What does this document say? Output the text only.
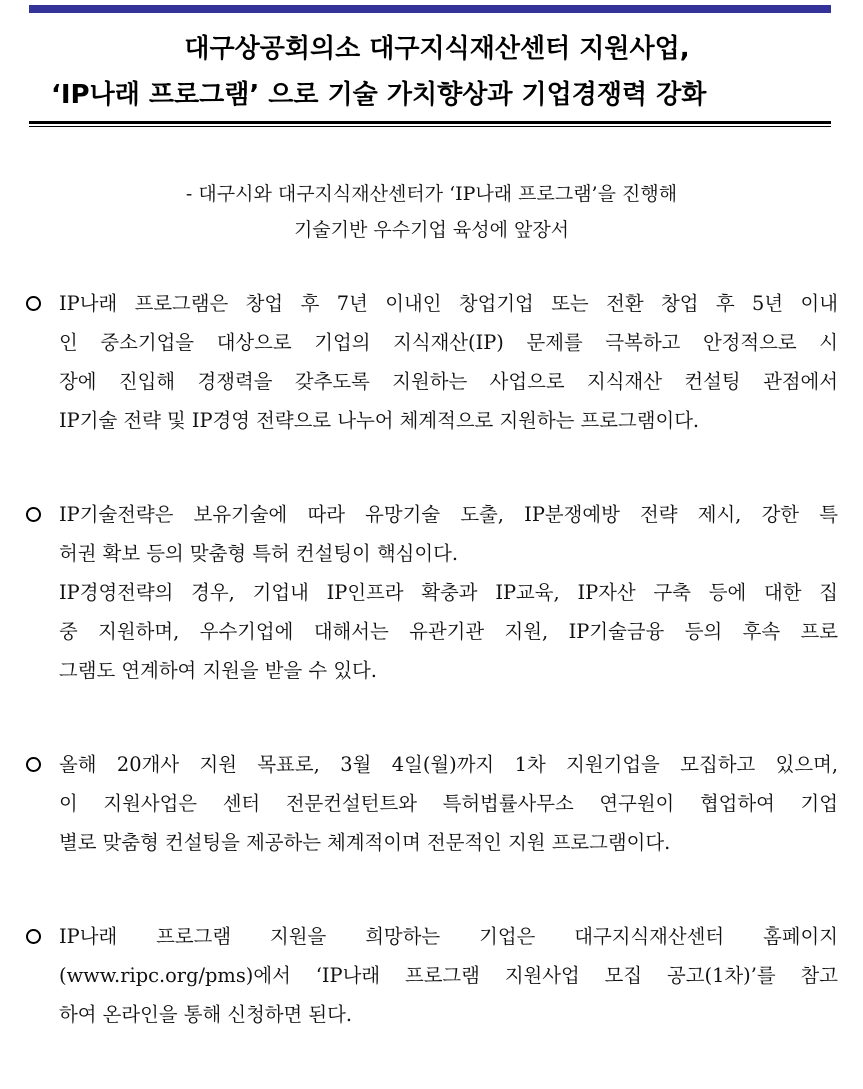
대구상공회의소 대구지식재산센터 지원사업,
‘IP나래 프로그램’ 으로 기술 가치향상과 기업경쟁력 강화
- 대구시와 대구지식재산센터가 ‘IP나래 프로그램’을 진행해
기술기반 우수기업 육성에 앞장서
IP나래 프로그램은 창업 후 7년 이내인 창업기업 또는 전환 창업 후 5년 이내
인 중소기업을 대상으로 기업의 지식재산(IP) 문제를 극복하고 안정적으로 시
장에 진입해 경쟁력을 갖추도록 지원하는 사업으로 지식재산 컨설팅 관점에서
IP기술 전략 및 IP경영 전략으로 나누어 체계적으로 지원하는 프로그램이다.
IP기술전략은 보유기술에 따라 유망기술 도출, IP분쟁예방 전략 제시, 강한 특
허권 확보 등의 맞춤형 특허 컨설팅이 핵심이다.
IP경영전략의 경우, 기업내 IP인프라 확충과 IP교육, IP자산 구축 등에 대한 집
중 지원하며, 우수기업에 대해서는 유관기관 지원, IP기술금융 등의 후속 프로
그램도 연계하여 지원을 받을 수 있다.
올해 20개사 지원 목표로, 3월 4일(월)까지 1차 지원기업을 모집하고 있으며,
이 지원사업은 센터 전문컨설턴트와 특허법률사무소 연구원이 협업하여 기업
별로 맞춤형 컨설팅을 제공하는 체계적이며 전문적인 지원 프로그램이다.
IP나래 프로그램 지원을 희망하는 기업은 대구지식재산센터 홈페이지
(www.ripc.org/pms)에서 ‘IP나래 프로그램 지원사업 모집 공고(1차)’를 참고
하여 온라인을 통해 신청하면 된다.
